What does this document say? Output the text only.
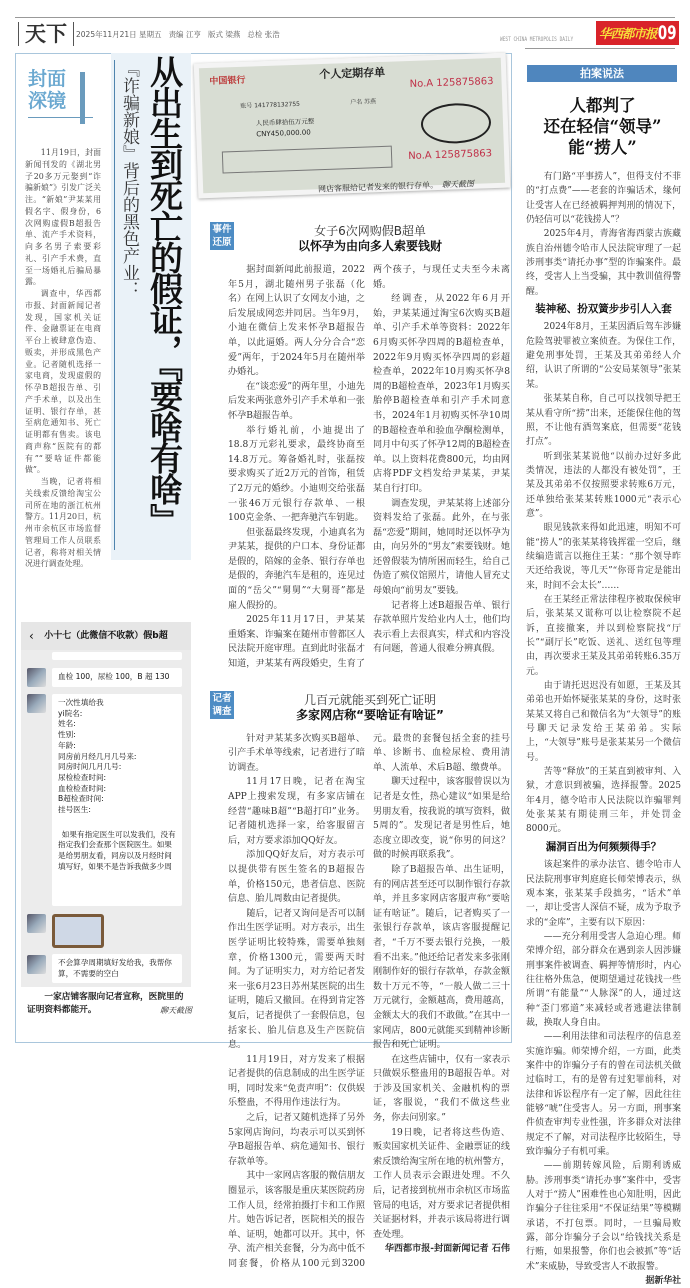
天下	2025年11月21日 星期五 责编 江亨 版式 梁燕 总检 张浩
WEST CHINA METROPOLIS DAILY 华西都市报 09
封面深镜	『诈骗新娘』背后的黑色产业： 从出生到死亡的假证，『要啥有啥』

11月19日，封面新闻刊发的《湖北男子20多万元娶到“诈骗新娘”》引发广泛关注。“新娘”尹某某用假名字、假身份，6次网购虚假B超报告单、流产手术资料，向多名男子索要彩礼、引产手术费，直至一场婚礼后骗局暴露。

调查中，华西都市报、封面新闻记者发现，国家机关证件、金融票证在电商平台上被肆意伪造、贩卖，并形成黑色产业。记者随机选择一家电商，发现虚假的怀孕B超报告单、引产手术单，以及出生证明、银行存单，甚至病危通知书、死亡证明都有售卖。该电商声称“医院有的都有”“要啥证件都能做”。

当晚，记者将相关线索反馈给淘宝公司所在地的浙江杭州警方。11月20日，杭州市余杭区市场监督管理局工作人员联系记者，称将对相关情况进行调查处理。

‹ 小十七（此微信不收款）假b超
血检 100，尿检 100，B 超 130
一次性填给我
yi院名:
姓名:
性别:
年龄:
同房前月经几月几号来:
同房时间几月几号:
尿检检查时间:
血检检查时间:
B超检查时间:
挂号医生:
如果有指定医生可以发我们，没有指定我们会查那个医院医生。如果是给男朋友看，同房以及月经时间填写好，如果不是告诉我做多少周
不会算孕周期填好发给我，我帮你算，不需要的空白
一家店铺客服向记者宣称，医院里的证明资料都能开。	聊天截图
中国银行
个人定期存单
No.A 125875863
账号 141778132755	户名 苏燕
人民币肆拾伍万元整
CNY450,000.00
No.A 125875863
网店客服给记者发来的银行存单。 聊天截图
事件还原
女子6次网购假B超单
以怀孕为由向多人索要钱财

据封面新闻此前报道，2022年5月，湖北随州男子张磊（化名）在网上认识了女网友小迪，之后发展成网恋并同居。当年9月，小迪在微信上发来怀孕B超报告单，以此逼婚。两人分分合合“恋爱”两年，于2024年5月在随州举办婚礼。

在“谈恋爱”的两年里，小迪先后发来两张意外引产手术单和一张怀孕B超报告单。

举行婚礼前，小迪提出了18.8万元彩礼要求，最终协商至14.8万元。筹备婚礼时，张磊按要求购买了近2万元的首饰，租赁了2万元的婚纱。小迪则交给张磊一张46万元银行存款单、一根100克金条、一把奔驰汽车钥匙。

但张磊最终发现，小迪真名为尹某某，提供的户口本、身份证都是假的，陪嫁的金条、银行存单也是假的，奔驰汽车是租的，连见过面的“岳父”“舅舅”“大舅哥”都是雇人假扮的。

2025年11月17日，尹某某重婚案、诈骗案在随州市曾都区人民法院开庭审理。直到此时张磊才知道，尹某某有两段婚史，生育了两个孩子，与现任丈夫至今未离婚。

经调查，从2022年6月开始，尹某某通过淘宝6次购买B超单、引产手术单等资料：2022年6月购买怀孕四周的B超检查单，2022年9月购买怀孕四周的彩超检查单，2022年10月购买怀孕8周的B超检查单，2023年1月购买胎停B超检查单和引产手术同意书，2024年1月初购买怀孕10周的B超检查单和验血孕酮检测单，同月中旬买了怀孕12周的B超检查单。以上资料花费800元，均由网店将PDF文档发给尹某某，尹某某自行打印。

调查发现，尹某某将上述部分资料发给了张磊。此外，在与张磊“恋爱”期间，她同时还以怀孕为由，向另外的“男友”索要钱财。她还曾假装为情所困而轻生，给自己伪造了殡仪馆照片，请他人冒充丈母娘向“前男友”要钱。

记者将上述B超报告单、银行存款单照片发给业内人士，他们均表示看上去很真实，样式和内容没有问题，普通人很难分辨真假。

记者调查
几百元就能买到死亡证明
多家网店称“要啥证有啥证”

针对尹某某多次购买B超单、引产手术单等线索，记者进行了暗访调查。

11月17日晚，记者在淘宝APP上搜索发现，有多家店铺在经营“趣味B超”“B超打印”业务。记者随机选择一家，给客服留言后，对方要求添加QQ好友。

添加QQ好友后，对方表示可以提供带有医生签名的B超报告单，价格150元，患者信息、医院信息、胎儿周数由记者提供。

随后，记者又询问是否可以制作出生医学证明。对方表示，出生医学证明比较特殊，需要单独刻章，价格1300元，需要两天时间。为了证明实力，对方给记者发来一张6月23日苏州某医院的出生证明，随后又撤回。在得到肯定答复后，记者提供了一套假信息，包括家长、胎儿信息及生产医院信息。

11月19日，对方发来了根据记者提供的信息制成的出生医学证明，同时发来“免责声明”：仅供娱乐整蛊，不得用作违法行为。

之后，记者又随机选择了另外5家网店询问，均表示可以买到怀孕B超报告单、病危通知书、银行存款单等。

其中一家网店客服的微信朋友圈显示，该客服是重庆某医院药房工作人员，经常拍摄打卡和工作照片。她告诉记者，医院相关的报告单、证明，她都可以开。其中，怀孕、流产相关套餐，分为高中低不同套餐，价格从100元到3200元。最贵的套餐包括全套的挂号单、诊断书、血检尿检、费用清单、人流单、术后B超、缴费单。

聊天过程中，该客服曾误以为记者是女性，热心建议“如果是给男朋友看，按我说的填写资料，做5周的”。发现记者是男性后，她态度立即改变，说“你男的问这？做的时候再联系我”。

除了B超报告单、出生证明，有的网店甚至还可以制作银行存款单，并且多家网店客服声称“要啥证有啥证”。随后，记者购买了一张银行存款单，该店客服提醒记者，“千万不要去银行兑换，一般看不出来。”他还给记者发来多张刚刚制作好的银行存款单，存款金额数十万元不等，“一般人做二三十万元就行，金额越高，费用越高，金额太大的我们不敢做。”在其中一家网店，800元就能买到精神诊断报告和死亡证明。

在这些店铺中，仅有一家表示只做娱乐整蛊用的B超报告单。对于涉及国家机关、金融机构的票证，客服说，“我们不做这些业务，你去问别家。”

19日晚，记者将这些伪造、贩卖国家机关证件、金融票证的线索反馈给淘宝所在地的杭州警方，工作人员表示会跟进处理。不久后，记者接到杭州市余杭区市场监管局的电话，对方要求记者提供相关证据材料，并表示该局将进行调查处理。

华西都市报-封面新闻记者 石伟

拍案说法
人都判了
还在轻信“领导”
能“捞人”

有门路“平事捞人”，但得支付不菲的“打点费”——老套的诈骗话术，缘何让受害人在已经被羁押判刑的情况下，仍轻信可以“花钱捞人”？

2025年4月，青海省海西蒙古族藏族自治州德令哈市人民法院审理了一起涉刑事类“请托办事”型的诈骗案件。最终，受害人上当受骗，其中教训值得警醒。

装神秘、扮双簧步步引人入套

2024年8月，王某因酒后驾车涉嫌危险驾驶罪被立案侦查。为保住工作，避免刑事处罚，王某及其弟弟经人介绍，认识了所谓的“公安局某领导”张某某。

张某某自称，自己可以找领导把王某从看守所“捞”出来，还能保住他的驾照，不让他有酒驾案底，但需要“花钱打点”。

听到张某某说他“以前办过好多此类情况，违法的人都没有被处罚”，王某及其弟弟不仅按照要求转账6万元，还单独给张某某转账1000元“表示心意”。

眼见钱款来得如此迅速，明知不可能“捞人”的张某某将钱挥霍一空后，继续编造谎言以拖住王某：“那个领导昨天还给我说，等几天”“你哥肯定是能出来，时间不会太长”……

在王某经正常法律程序被取保候审后，张某某又谎称可以让检察院不起诉，直接撤案，并以到检察院找“厅长”“副厅长”吃饭、送礼、送红包等理由，再次要求王某及其弟弟转账6.35万元。

由于请托迟迟没有如愿，王某及其弟弟也开始怀疑张某某的身份，这时张某某又将自己和微信名为“大领导”的账号聊天记录发给王某弟弟。实际上，“大领导”账号是张某某另一个微信号。

苦等“释放”的王某直到被审判、入狱，才意识到被骗，选择报警。2025年4月，德令哈市人民法院以诈骗罪判处张某某有期徒刑三年，并处罚金8000元。

漏洞百出为何频频得手？

该起案件的承办法官、德令哈市人民法院刑事审判庭庭长师荣博表示，纵观本案，张某某手段拙劣，“话术”单一，却让受害人深信不疑，成为予取予求的“金库”，主要有以下原因：

——充分利用受害人急迫心理。师荣博介绍，部分群众在遇到亲人因涉嫌刑事案件被调查、羁押等情形时，内心往往格外焦急，便期望通过花钱找一些所谓“有能量”“人脉深”的人，通过这种“歪门邪道”来减轻或者逃避法律制裁，换取人身自由。

——利用法律和司法程序的信息差实施诈骗。师荣博介绍，一方面，此类案件中的诈骗分子有的曾在司法机关做过临时工，有的是曾有过犯罪前科，对法律和诉讼程序有一定了解，因此往往能够“唬”住受害人。另一方面，刑事案件侦查审判专业性强，许多群众对法律规定不了解，对司法程序比较陌生，导致诈骗分子有机可乘。

——前期转嫁风险，后期利诱威胁。涉刑事类“请托办事”案件中，受害人对于“捞人”困难性也心知肚明，因此诈骗分子往往采用“不保证结果”等模糊承诺，不打包票。同时，一旦骗局败露，部分诈骗分子会以“给钱找关系是行贿，如果报警，你们也会被抓”等“话术”来威胁，导致受害人不敢报警。

据新华社
